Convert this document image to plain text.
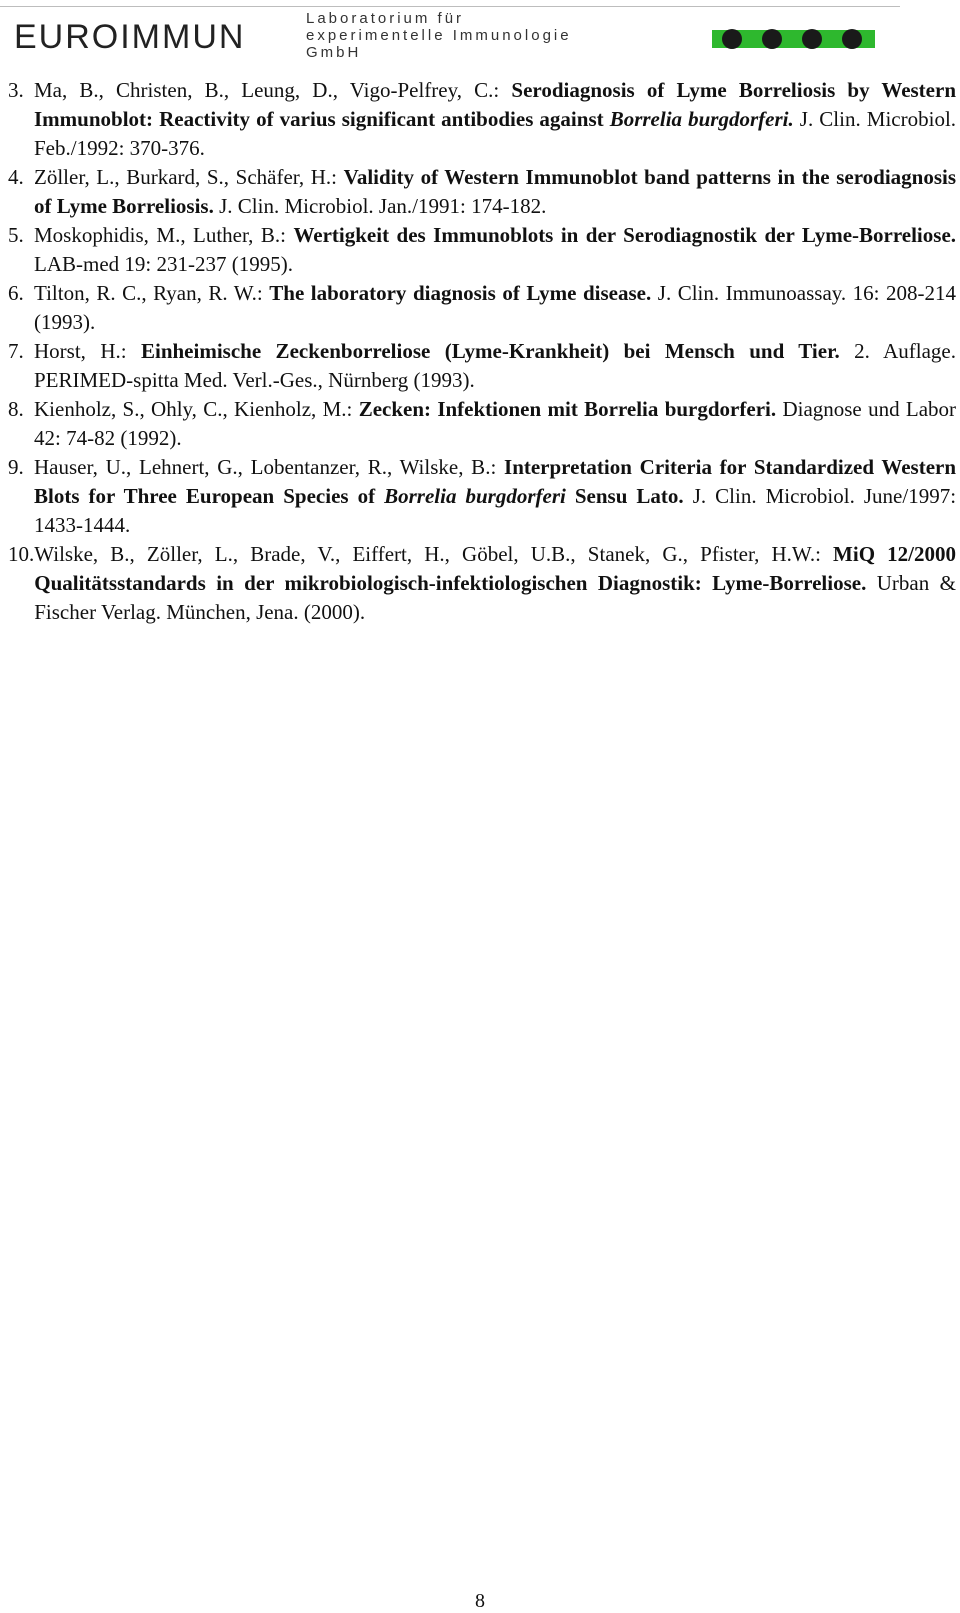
EUROIMMUN	Laboratorium für
experimentelle Immunologie
GmbH
3. Ma, B., Christen, B., Leung, D., Vigo-Pelfrey, C.: Serodiagnosis of Lyme Borreliosis by Western Immunoblot: Reactivity of varius significant antibodies against Borrelia burgdorferi. J. Clin. Microbiol. Feb./1992: 370-376.
4. Zöller, L., Burkard, S., Schäfer, H.: Validity of Western Immunoblot band patterns in the serodiagnosis of Lyme Borreliosis. J. Clin. Microbiol. Jan./1991: 174-182.
5. Moskophidis, M., Luther, B.: Wertigkeit des Immunoblots in der Serodiagnostik der Lyme-Borreliose. LAB-med 19: 231-237 (1995).
6. Tilton, R. C., Ryan, R. W.: The laboratory diagnosis of Lyme disease. J. Clin. Immunoassay. 16: 208-214 (1993).
7. Horst, H.: Einheimische Zeckenborreliose (Lyme-Krankheit) bei Mensch und Tier. 2. Auflage. PERIMED-spitta Med. Verl.-Ges., Nürnberg (1993).
8. Kienholz, S., Ohly, C., Kienholz, M.: Zecken: Infektionen mit Borrelia burgdorferi. Diagnose und Labor 42: 74-82 (1992).
9. Hauser, U., Lehnert, G., Lobentanzer, R., Wilske, B.: Interpretation Criteria for Standardized Western Blots for Three European Species of Borrelia burgdorferi Sensu Lato. J. Clin. Microbiol. June/1997: 1433-1444.
10. Wilske, B., Zöller, L., Brade, V., Eiffert, H., Göbel, U.B., Stanek, G., Pfister, H.W.: MiQ 12/2000 Qualitätsstandards in der mikrobiologisch-infektiologischen Diagnostik: Lyme-Borreliose. Urban & Fischer Verlag. München, Jena. (2000).
8
